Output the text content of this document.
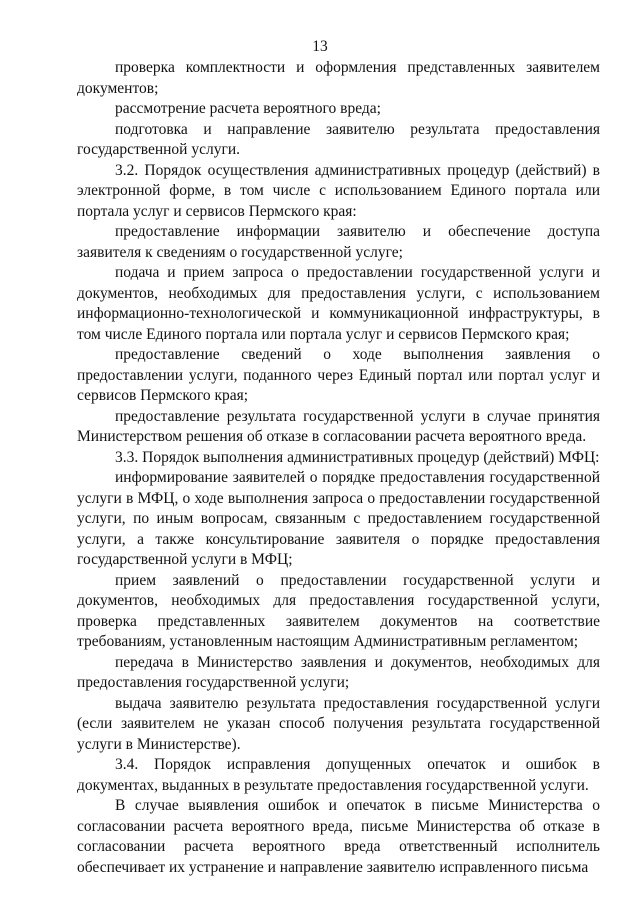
13

проверка комплектности и оформления представленных заявителем документов;

рассмотрение расчета вероятного вреда;

подготовка и направление заявителю результата предоставления государственной услуги.

3.2. Порядок осуществления административных процедур (действий) в электронной форме, в том числе с использованием Единого портала или портала услуг и сервисов Пермского края:

предоставление информации заявителю и обеспечение доступа заявителя к сведениям о государственной услуге;

подача и прием запроса о предоставлении государственной услуги и документов, необходимых для предоставления услуги, с использованием информационно-технологической и коммуникационной инфраструктуры, в том числе Единого портала или портала услуг и сервисов Пермского края;

предоставление сведений о ходе выполнения заявления о предоставлении услуги, поданного через Единый портал или портал услуг и сервисов Пермского края;

предоставление результата государственной услуги в случае принятия Министерством решения об отказе в согласовании расчета вероятного вреда.

3.3. Порядок выполнения административных процедур (действий) МФЦ:

информирование заявителей о порядке предоставления государственной услуги в МФЦ, о ходе выполнения запроса о предоставлении государственной услуги, по иным вопросам, связанным с предоставлением государственной услуги, а также консультирование заявителя о порядке предоставления государственной услуги в МФЦ;

прием заявлений о предоставлении государственной услуги и документов, необходимых для предоставления государственной услуги, проверка представленных заявителем документов на соответствие требованиям, установленным настоящим Административным регламентом;

передача в Министерство заявления и документов, необходимых для предоставления государственной услуги;

выдача заявителю результата предоставления государственной услуги (если заявителем не указан способ получения результата государственной услуги в Министерстве).

3.4. Порядок исправления допущенных опечаток и ошибок в документах, выданных в результате предоставления государственной услуги.

В случае выявления ошибок и опечаток в письме Министерства о согласовании расчета вероятного вреда, письме Министерства об отказе в согласовании расчета вероятного вреда ответственный исполнитель обеспечивает их устранение и направление заявителю исправленного письма
